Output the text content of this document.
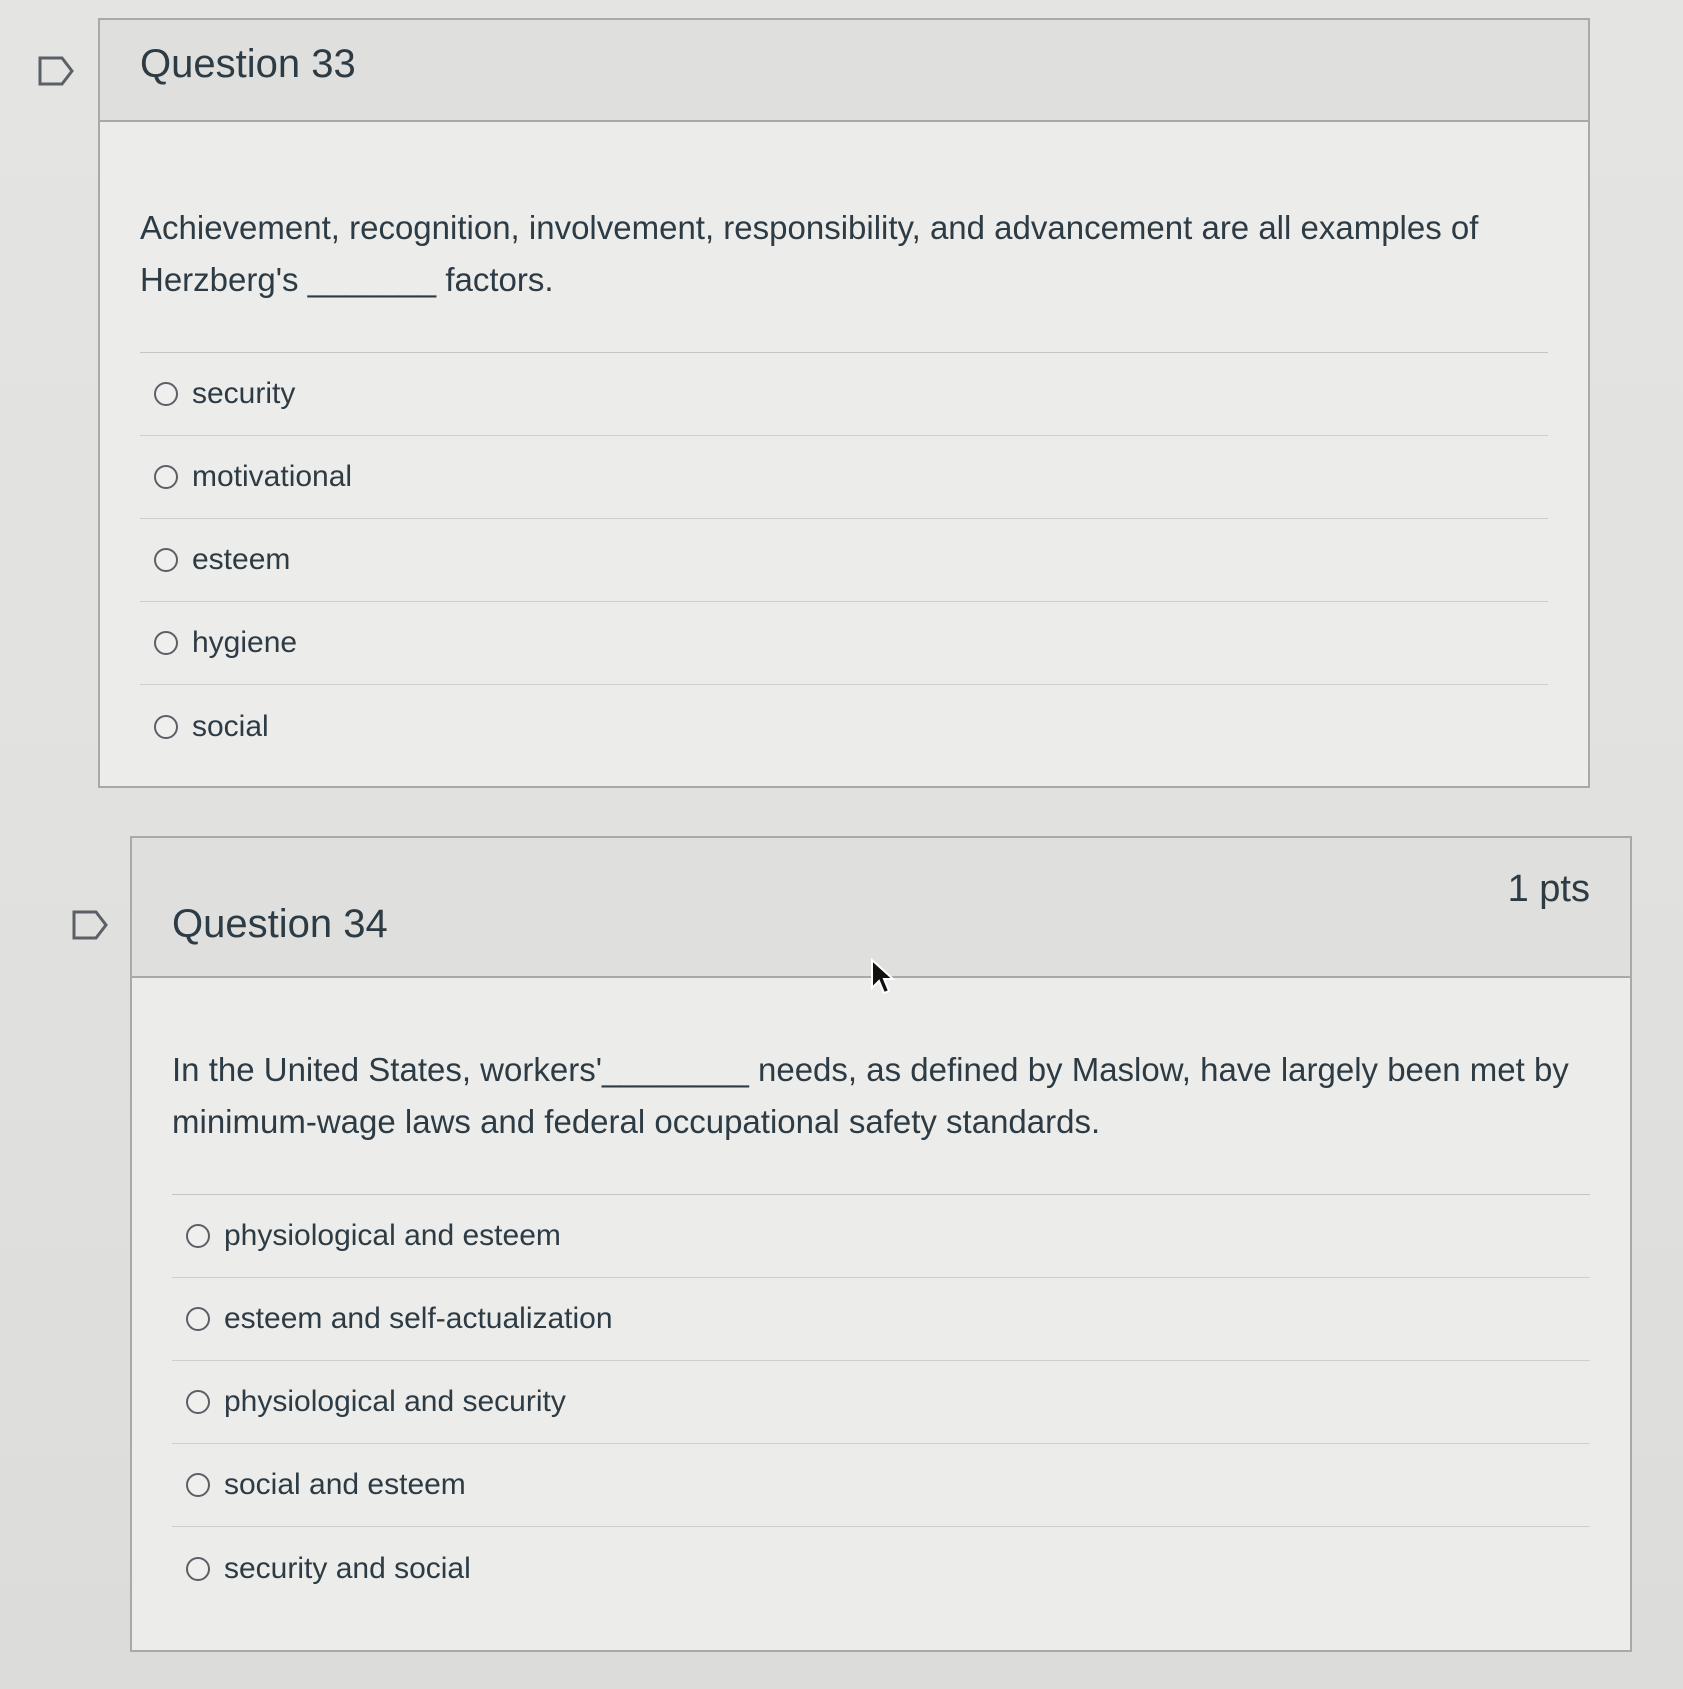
Question 33

Achievement, recognition, involvement, responsibility, and advancement are all examples of Herzberg's _______ factors.

security
motivational
esteem
hygiene
social
Question 34
1 pts

In the United States, workers'________ needs, as defined by Maslow, have largely been met by minimum-wage laws and federal occupational safety standards.

physiological and esteem
esteem and self-actualization
physiological and security
social and esteem
security and social
